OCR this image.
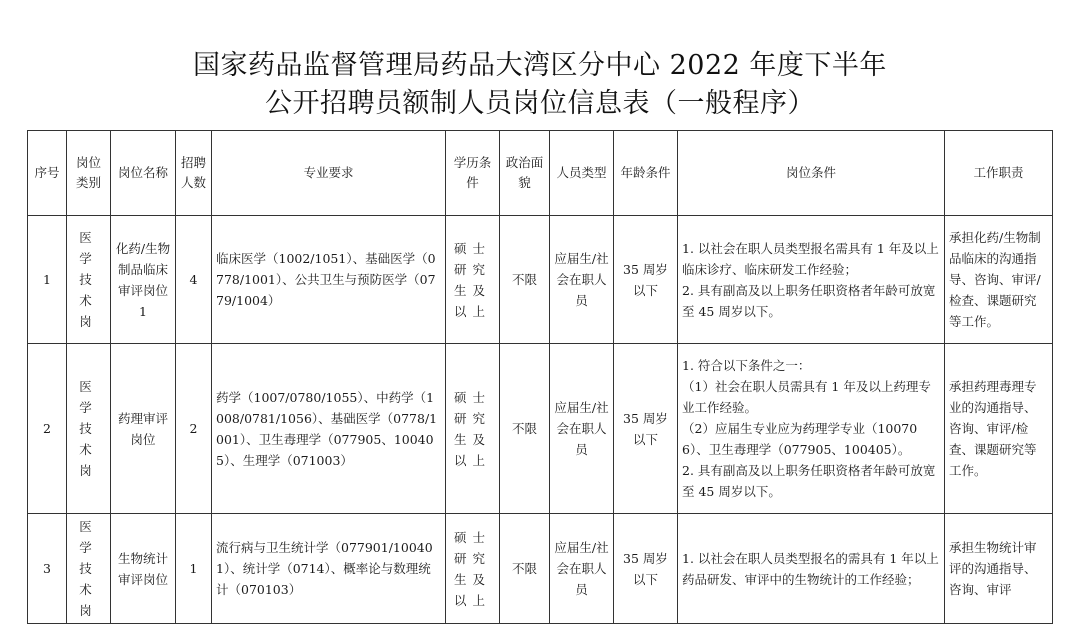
国家药品监督管理局药品大湾区分中心 2022 年度下半年
公开招聘员额制人员岗位信息表（一般程序）
序号	岗位类别	岗位名称	招聘人数	专业要求	学历条件	政治面貌	人员类型	年龄条件	岗位条件	工作职责
1	医学技术岗	化药/生物制品临床审评岗位1	4	临床医学（1002/1051）、基础医学（0778/1001）、公共卫生与预防医学（0779/1004）	硕士研究生及以上	不限	应届生/社会在职人员	35 周岁以下	1. 以社会在职人员类型报名需具有 1 年及以上临床诊疗、临床研发工作经验；
2. 具有副高及以上职务任职资格者年龄可放宽至 45 周岁以下。	承担化药/生物制品临床的沟通指导、咨询、审评/检查、课题研究等工作。
2	医学技术岗	药理审评岗位	2	药学（1007/0780/1055）、中药学（1008/0781/1056）、基础医学（0778/1001）、卫生毒理学（077905、100405）、生理学（071003）	硕士研究生及以上	不限	应届生/社会在职人员	35 周岁以下	1. 符合以下条件之一：
（1）社会在职人员需具有 1 年及以上药理专业工作经验。
（2）应届生专业应为药理学专业（100706）、卫生毒理学（077905、100405）。
2. 具有副高及以上职务任职资格者年龄可放宽至 45 周岁以下。	承担药理毒理专业的沟通指导、咨询、审评/检查、课题研究等工作。
3	医学技术岗	生物统计审评岗位	1	流行病与卫生统计学（077901/100401）、统计学（0714）、概率论与数理统计（070103）	硕士研究生及以上	不限	应届生/社会在职人员	35 周岁以下	1. 以社会在职人员类型报名的需具有 1 年以上药品研发、审评中的生物统计的工作经验；	承担生物统计审评的沟通指导、咨询、审评
